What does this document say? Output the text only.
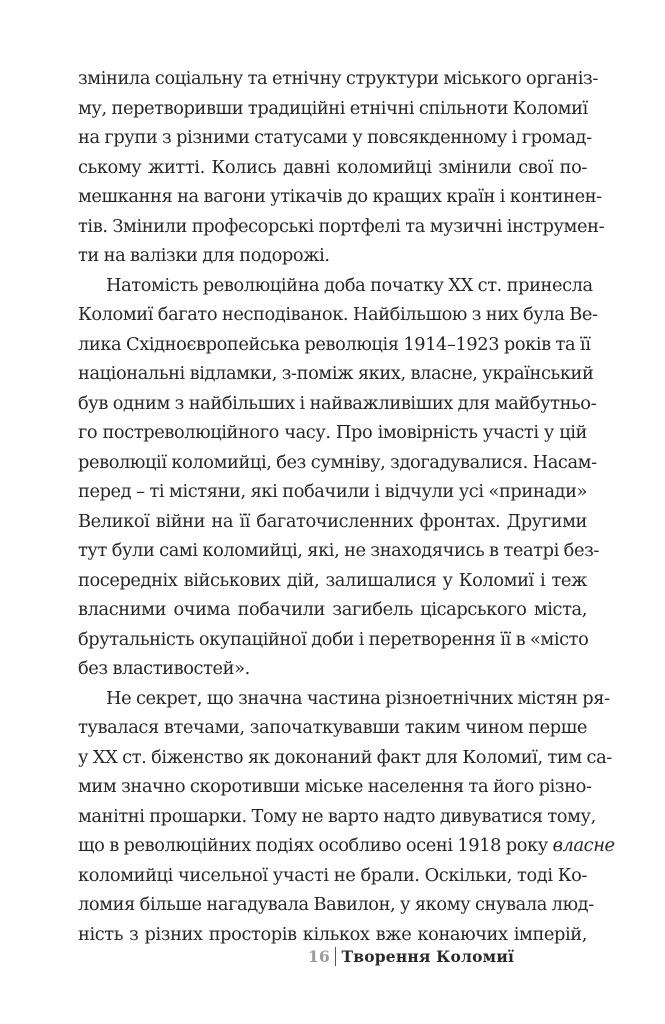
змінила соціальну та етнічну структури міського організ-
му, перетворивши традиційні етнічні спільноти Коломиї
на групи з різними статусами у повсякденному і громад-
ському житті. Колись давні коломийці змінили свої по-
мешкання на вагони утікачів до кращих країн і континен-
тів. Змінили професорські портфелі та музичні інструмен-
ти на валізки для подорожі.
Натомість революційна доба початку XX ст. принесла
Коломиї багато несподіванок. Найбільшою з них була Ве-
лика Східноєвропейська революція 1914–1923 років та її
національні відламки, з-поміж яких, власне, український
був одним з найбільших і найважливіших для майбутньо-
го постреволюційного часу. Про імовірність участі у цій
революції коломийці, без сумніву, здогадувалися. Насам-
перед – ті містяни, які побачили і відчули усі «принади»
Великої війни на її багаточисленних фронтах. Другими
тут були самі коломийці, які, не знаходячись в театрі без-
посередніх військових дій, залишалися у Коломиї і теж
власними очима побачили загибель цісарського міста,
брутальність окупаційної доби і перетворення її в «місто
без властивостей».
Не секрет, що значна частина різноетнічних містян ря-
тувалася втечами, започаткувавши таким чином перше
у XX ст. біженство як доконаний факт для Коломиї, тим са-
мим значно скоротивши міське населення та його різно-
манітні прошарки. Тому не варто надто дивуватися тому,
що в революційних подіях особливо осені 1918 року власне
коломийці чисельної участі не брали. Оскільки, тоді Ко-
ломия більше нагадувала Вавилон, у якому снувала люд-
ність з різних просторів кількох вже конаючих імперій,
16 Творення Коломиї
